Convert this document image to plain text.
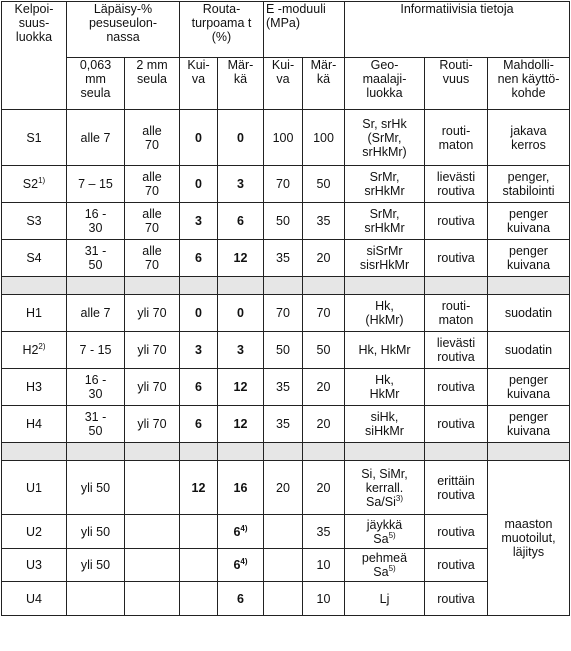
Kelpoi-
suus-
luokka	Läpäisy-%
pesuseulon-
nassa		Routa-
turpoama t
(%)		E -moduuli
(MPa)		Informatiivisia tietoja		
	0,063
mm
seula	2 mm
seula	Kui-
va	Mär-
kä	Kui-
va	Mär-
kä	Geo-
maalaji-
luokka	Routi-
vuus	Mahdolli-
nen käyttö-
kohde
S1	alle 7	alle
70	0	0	100	100	Sr, srHk
(SrMr,
srHkMr)	routi-
maton	jakava
kerros
S2$^{1)}$	7 – 15	alle
70	0	3	70	50	SrMr,
srHkMr	lievästi
routiva	penger,
stabilointi
S3	16 -
30	alle
70	3	6	50	35	SrMr,
srHkMr	routiva	penger
kuivana
S4	31 -
50	alle
70	6	12	35	20	siSrMr
sisrHkMr	routiva	penger
kuivana

H1	alle 7	yli 70	0	0	70	70	Hk,
(HkMr)	routi-
maton	suodatin
H2$^{2)}$	7 - 15	yli 70	3	3	50	50	Hk, HkMr	lievästi
routiva	suodatin
H3	16 -
30	yli 70	6	12	35	20	Hk,
HkMr	routiva	penger
kuivana
H4	31 -
50	yli 70	6	12	35	20	siHk,
siHkMr	routiva	penger
kuivana

U1	yli 50		12	16	20	20	Si, SiMr,
kerrall.
Sa/Si$^{3)}$	erittäin
routiva	maaston
muotoilut,
läjitys
U2	yli 50			6$^{4)}$		35	jäykkä
Sa$^{5)}$	routiva	
U3	yli 50			6$^{4)}$		10	pehmeä
Sa$^{5)}$	routiva	
U4				6		10	Lj	routiva	
